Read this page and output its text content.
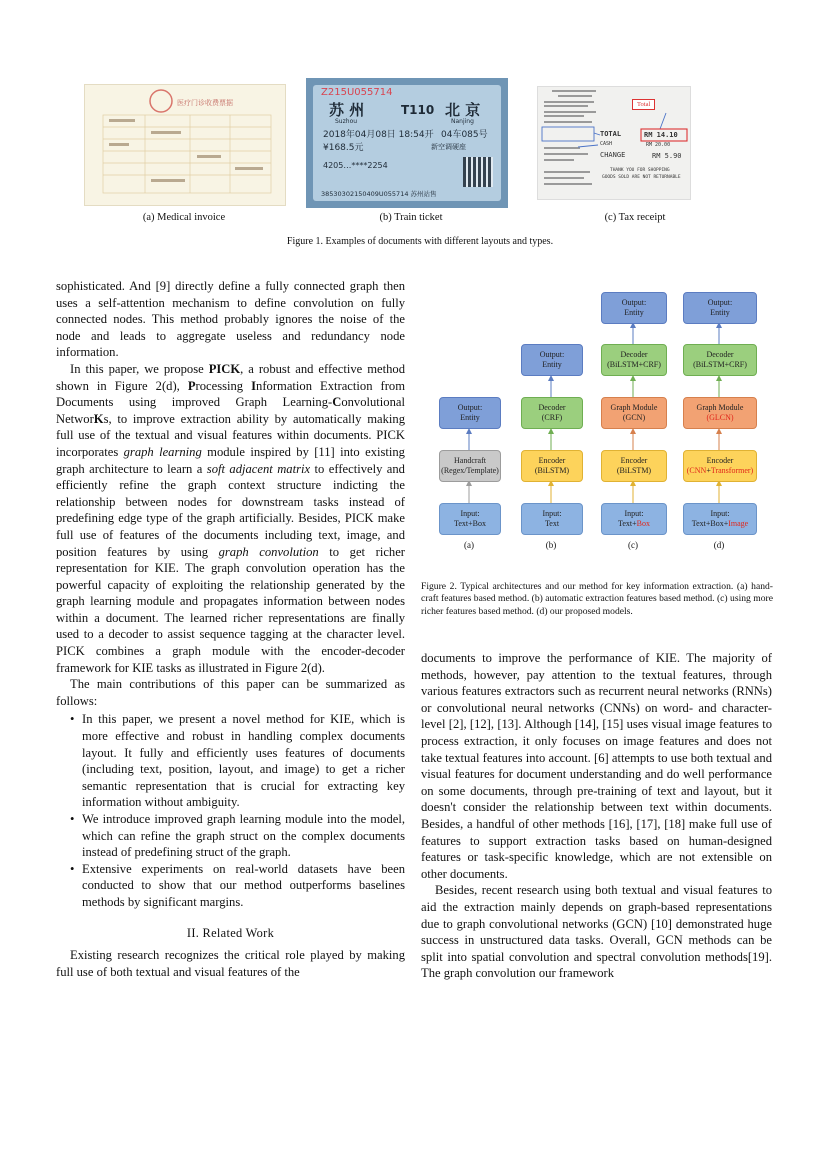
医疗门诊收费票据
(a) Medical invoice
Z215U055714
苏 州	T110 北 京
Suzhou	Nanjing
2018年04月08日 18:54开 04车085号
¥168.5元	新空调硬座
4205…****2254
38530302150409U055714 苏州站售
(b) Train ticket
Total
TOTAL	RM 14.10
CASH	RM 20.00
CHANGE	RM 5.90
THANK YOU FOR SHOPPING
GOODS SOLD ARE NOT RETURNABLE
(c) Tax receipt
Figure 1. Examples of documents with different layouts and types.

sophisticated. And [9] directly define a fully connected graph then uses a self-attention mechanism to define convolution on fully connected nodes. This method probably ignores the noise of the node and leads to aggregate useless and redundancy node information.

In this paper, we propose PICK, a robust and effective method shown in Figure 2(d), Processing Information Extraction from Documents using improved Graph Learning-Convolutional NetworKs, to improve extraction ability by automatically making full use of the textual and visual features within documents. PICK incorporates graph learning module inspired by [11] into existing graph architecture to learn a soft adjacent matrix to effectively and efficiently refine the graph context structure indicting the relationship between nodes for downstream tasks instead of predefining edge type of the graph artificially. Besides, PICK make full use of features of the documents including text, image, and position features by using graph convolution to get richer representation for KIE. The graph convolution operation has the powerful capacity of exploiting the relationship generated by the graph learning module and propagates information between nodes within a document. The learned richer representations are finally used to a decoder to assist sequence tagging at the character level. PICK combines a graph module with the encoder-decoder framework for KIE tasks as illustrated in Figure 2(d).

The main contributions of this paper can be summarized as follows:

• In this paper, we present a novel method for KIE, which is more effective and robust in handling complex documents layout. It fully and efficiently uses features of documents (including text, position, layout, and image) to get a richer semantic representation that is crucial for extracting key information without ambiguity.
• We introduce improved graph learning module into the model, which can refine the graph struct on the complex documents instead of predefining struct of the graph.
• Extensive experiments on real-world datasets have been conducted to show that our method outperforms baselines methods by significant margins.
II. Related Work

Existing research recognizes the critical role played by making full use of both textual and visual features of the

Output:
Entity
Handcraft
(Regex/Template)
Input:
Text+Box
(a)
Output:
Entity
Decoder
(CRF)
Encoder
(BiLSTM)
Input:
Text
(b)
Output:
Entity
Decoder
(BiLSTM+CRF)
Graph Module
(GCN)
Encoder
(BiLSTM)
Input:
Text+Box
(c)
Output:
Entity
Decoder
(BiLSTM+CRF)
Graph Module
(GLCN)
Encoder
(CNN+Transformer)
Input:
Text+Box+Image
(d)
Figure 2. Typical architectures and our method for key information extraction. (a) hand-craft features based method. (b) automatic extraction features based method. (c) using more richer features based method. (d) our proposed models.

documents to improve the performance of KIE. The majority of methods, however, pay attention to the textual features, through various features extractors such as recurrent neural networks (RNNs) or convolutional neural networks (CNNs) on word- and character- level [2], [12], [13]. Although [14], [15] uses visual image features to process extraction, it only focuses on image features and does not take textual features into account. [6] attempts to use both textual and visual features for document understanding and do well performance on some documents, through pre-training of text and layout, but it doesn't consider the relationship between text within documents. Besides, a handful of other methods [16], [17], [18] make full use of features to support extraction tasks based on human-designed features or task-specific knowledge, which are not extensible on other documents.

Besides, recent research using both textual and visual features to aid the extraction mainly depends on graph-based representations due to graph convolutional networks (GCN) [10] demonstrated huge success in unstructured data tasks. Overall, GCN methods can be split into spatial convolution and spectral convolution methods[19]. The graph convolution our framework
